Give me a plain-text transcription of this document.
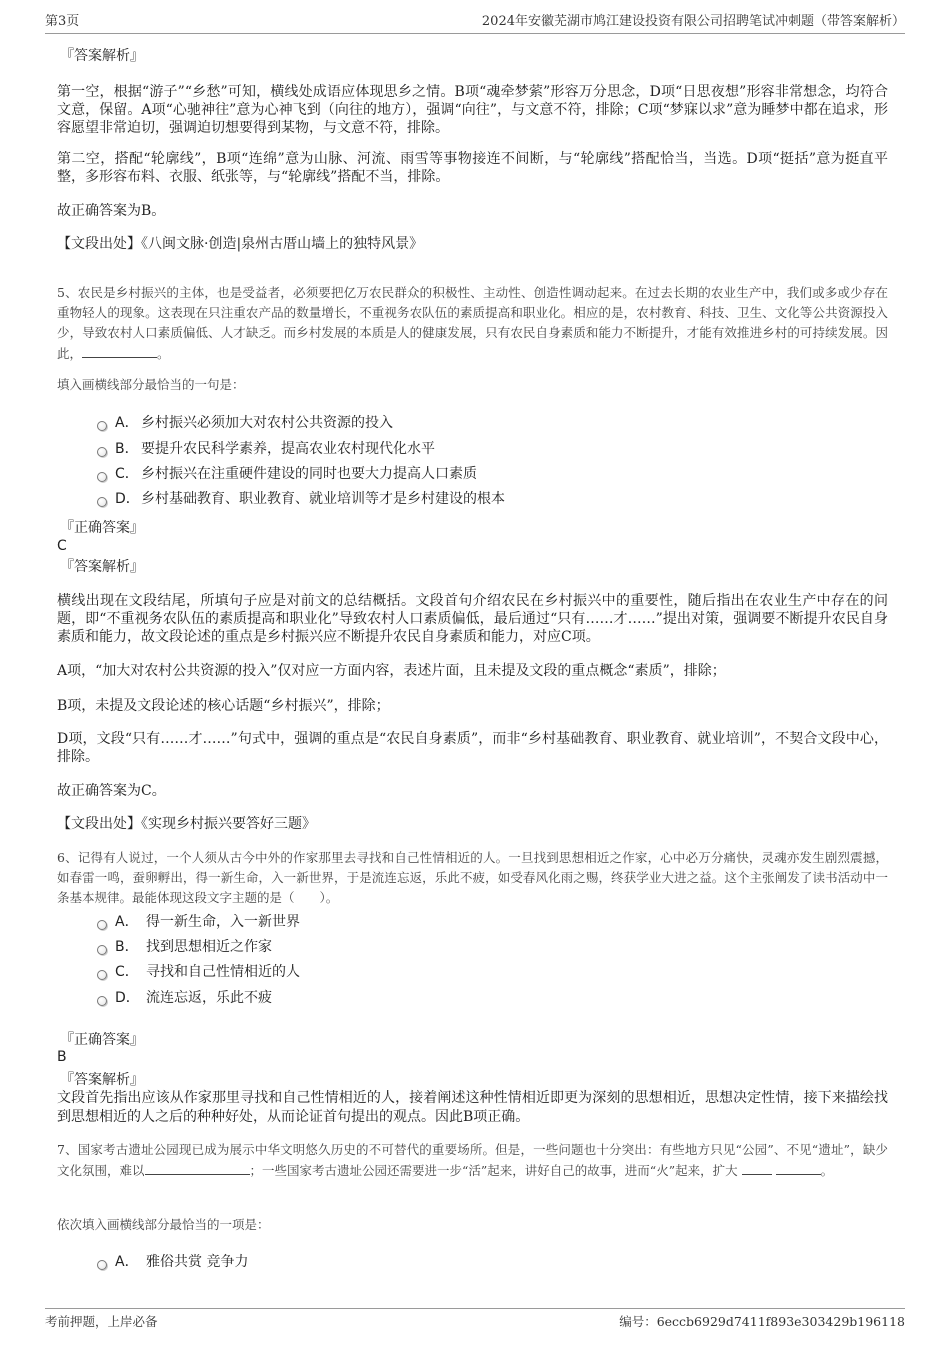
第3页	2024年安徽芜湖市鸠江建设投资有限公司招聘笔试冲刺题（带答案解析）
『答案解析』

第一空，根据“游子”“乡愁”可知，横线处成语应体现思乡之情。B项“魂牵梦萦”形容万分思念，D项“日思夜想”形容非常想念，均符合文意，保留。A项“心驰神往”意为心神飞到（向往的地方），强调“向往”，与文意不符，排除；C项“梦寐以求”意为睡梦中都在追求，形容愿望非常迫切，强调迫切想要得到某物，与文意不符，排除。

第二空，搭配“轮廓线”，B项“连绵”意为山脉、河流、雨雪等事物接连不间断，与“轮廓线”搭配恰当，当选。D项“挺括”意为挺直平整，多形容布料、衣服、纸张等，与“轮廓线”搭配不当，排除。

故正确答案为B。

【文段出处】《八闽文脉·创造|泉州古厝山墙上的独特风景》

5、农民是乡村振兴的主体，也是受益者，必须要把亿万农民群众的积极性、主动性、创造性调动起来。在过去长期的农业生产中，我们或多或少存在重物轻人的现象。这表现在只注重农产品的数量增长，不重视务农队伍的素质提高和职业化。相应的是，农村教育、科技、卫生、文化等公共资源投入少，导致农村人口素质偏低、人才缺乏。而乡村发展的本质是人的健康发展，只有农民自身素质和能力不断提升，才能有效推进乡村的可持续发展。因此，	。

填入画横线部分最恰当的一句是：

A． 乡村振兴必须加大对农村公共资源的投入
B． 要提升农民科学素养，提高农业农村现代化水平
C． 乡村振兴在注重硬件建设的同时也要大力提高人口素质
D． 乡村基础教育、职业教育、就业培训等才是乡村建设的根本
『正确答案』
C
『答案解析』

横线出现在文段结尾，所填句子应是对前文的总结概括。文段首句介绍农民在乡村振兴中的重要性，随后指出在农业生产中存在的问题，即“不重视务农队伍的素质提高和职业化”导致农村人口素质偏低，最后通过“只有……才……”提出对策，强调要不断提升农民自身素质和能力，故文段论述的重点是乡村振兴应不断提升农民自身素质和能力，对应C项。

A项，“加大对农村公共资源的投入”仅对应一方面内容，表述片面，且未提及文段的重点概念“素质”，排除；

B项，未提及文段论述的核心话题“乡村振兴”，排除；

D项，文段“只有……才……”句式中，强调的重点是“农民自身素质”，而非“乡村基础教育、职业教育、就业培训”，不契合文段中心，排除。

故正确答案为C。

【文段出处】《实现乡村振兴要答好三题》

6、记得有人说过，一个人须从古今中外的作家那里去寻找和自己性情相近的人。一旦找到思想相近之作家，心中必万分痛快，灵魂亦发生剧烈震撼，如春雷一鸣，蚕卵孵出，得一新生命，入一新世界，于是流连忘返，乐此不疲，如受春风化雨之赐，终获学业大进之益。这个主张阐发了读书活动中一条基本规律。最能体现这段文字主题的是（　　）。

A． 得一新生命，入一新世界
B． 找到思想相近之作家
C． 寻找和自己性情相近的人
D． 流连忘返，乐此不疲
『正确答案』
B
『答案解析』

文段首先指出应该从作家那里寻找和自己性情相近的人，接着阐述这种性情相近即更为深刻的思想相近，思想决定性情，接下来描绘找到思想相近的人之后的种种好处，从而论证首句提出的观点。因此B项正确。

7、国家考古遗址公园现已成为展示中华文明悠久历史的不可替代的重要场所。但是，一些问题也十分突出：有些地方只见“公园”、不见“遗址”，缺少文化氛围，难以	；一些国家考古遗址公园还需要进一步“活”起来，讲好自己的故事，进而“火”起来，扩大	。

依次填入画横线部分最恰当的一项是：

A． 雅俗共赏 竞争力
考前押题，上岸必备	编号：6eccb6929d7411f893e303429b196118
